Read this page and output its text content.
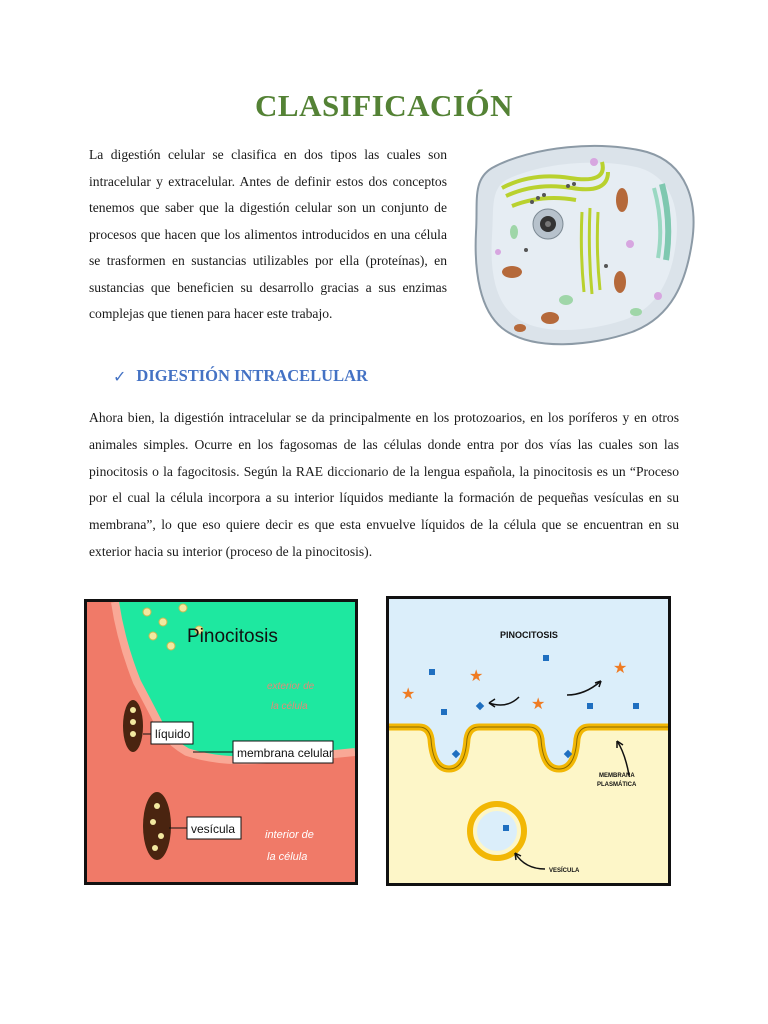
CLASIFICACIÓN

La digestión celular se clasifica en dos tipos las cuales son intracelular y extracelular. Antes de definir estos dos conceptos tenemos que saber que la digestión celular son un conjunto de procesos que hacen que los alimentos introducidos en una célula se trasformen en sustancias utilizables por ella (proteínas), en sustancias que beneficien su desarrollo gracias a sus enzimas complejas que tienen para hacer este trabajo.

✓ DIGESTIÓN INTRACELULAR

Ahora bien, la digestión intracelular se da principalmente en los protozoarios, en los poríferos y en otros animales simples. Ocurre en los fagosomas de las células donde entra por dos vías las cuales son las pinocitosis o la fagocitosis. Según la RAE diccionario de la lengua española, la pinocitosis es un “Proceso por el cual la célula incorpora a su interior líquidos mediante la formación de pequeñas vesículas en su membrana”, lo que eso quiere decir es que esta envuelve líquidos de la célula que se encuentran en su exterior hacia su interior (proceso de la pinocitosis).

Pinocitosis
exterior de
la célula
interior de
la célula
líquido
membrana celular
vesícula
PINOCITOSIS
★
★
★
★
MEMBRANA
PLASMÁTICA
VESÍCULA
